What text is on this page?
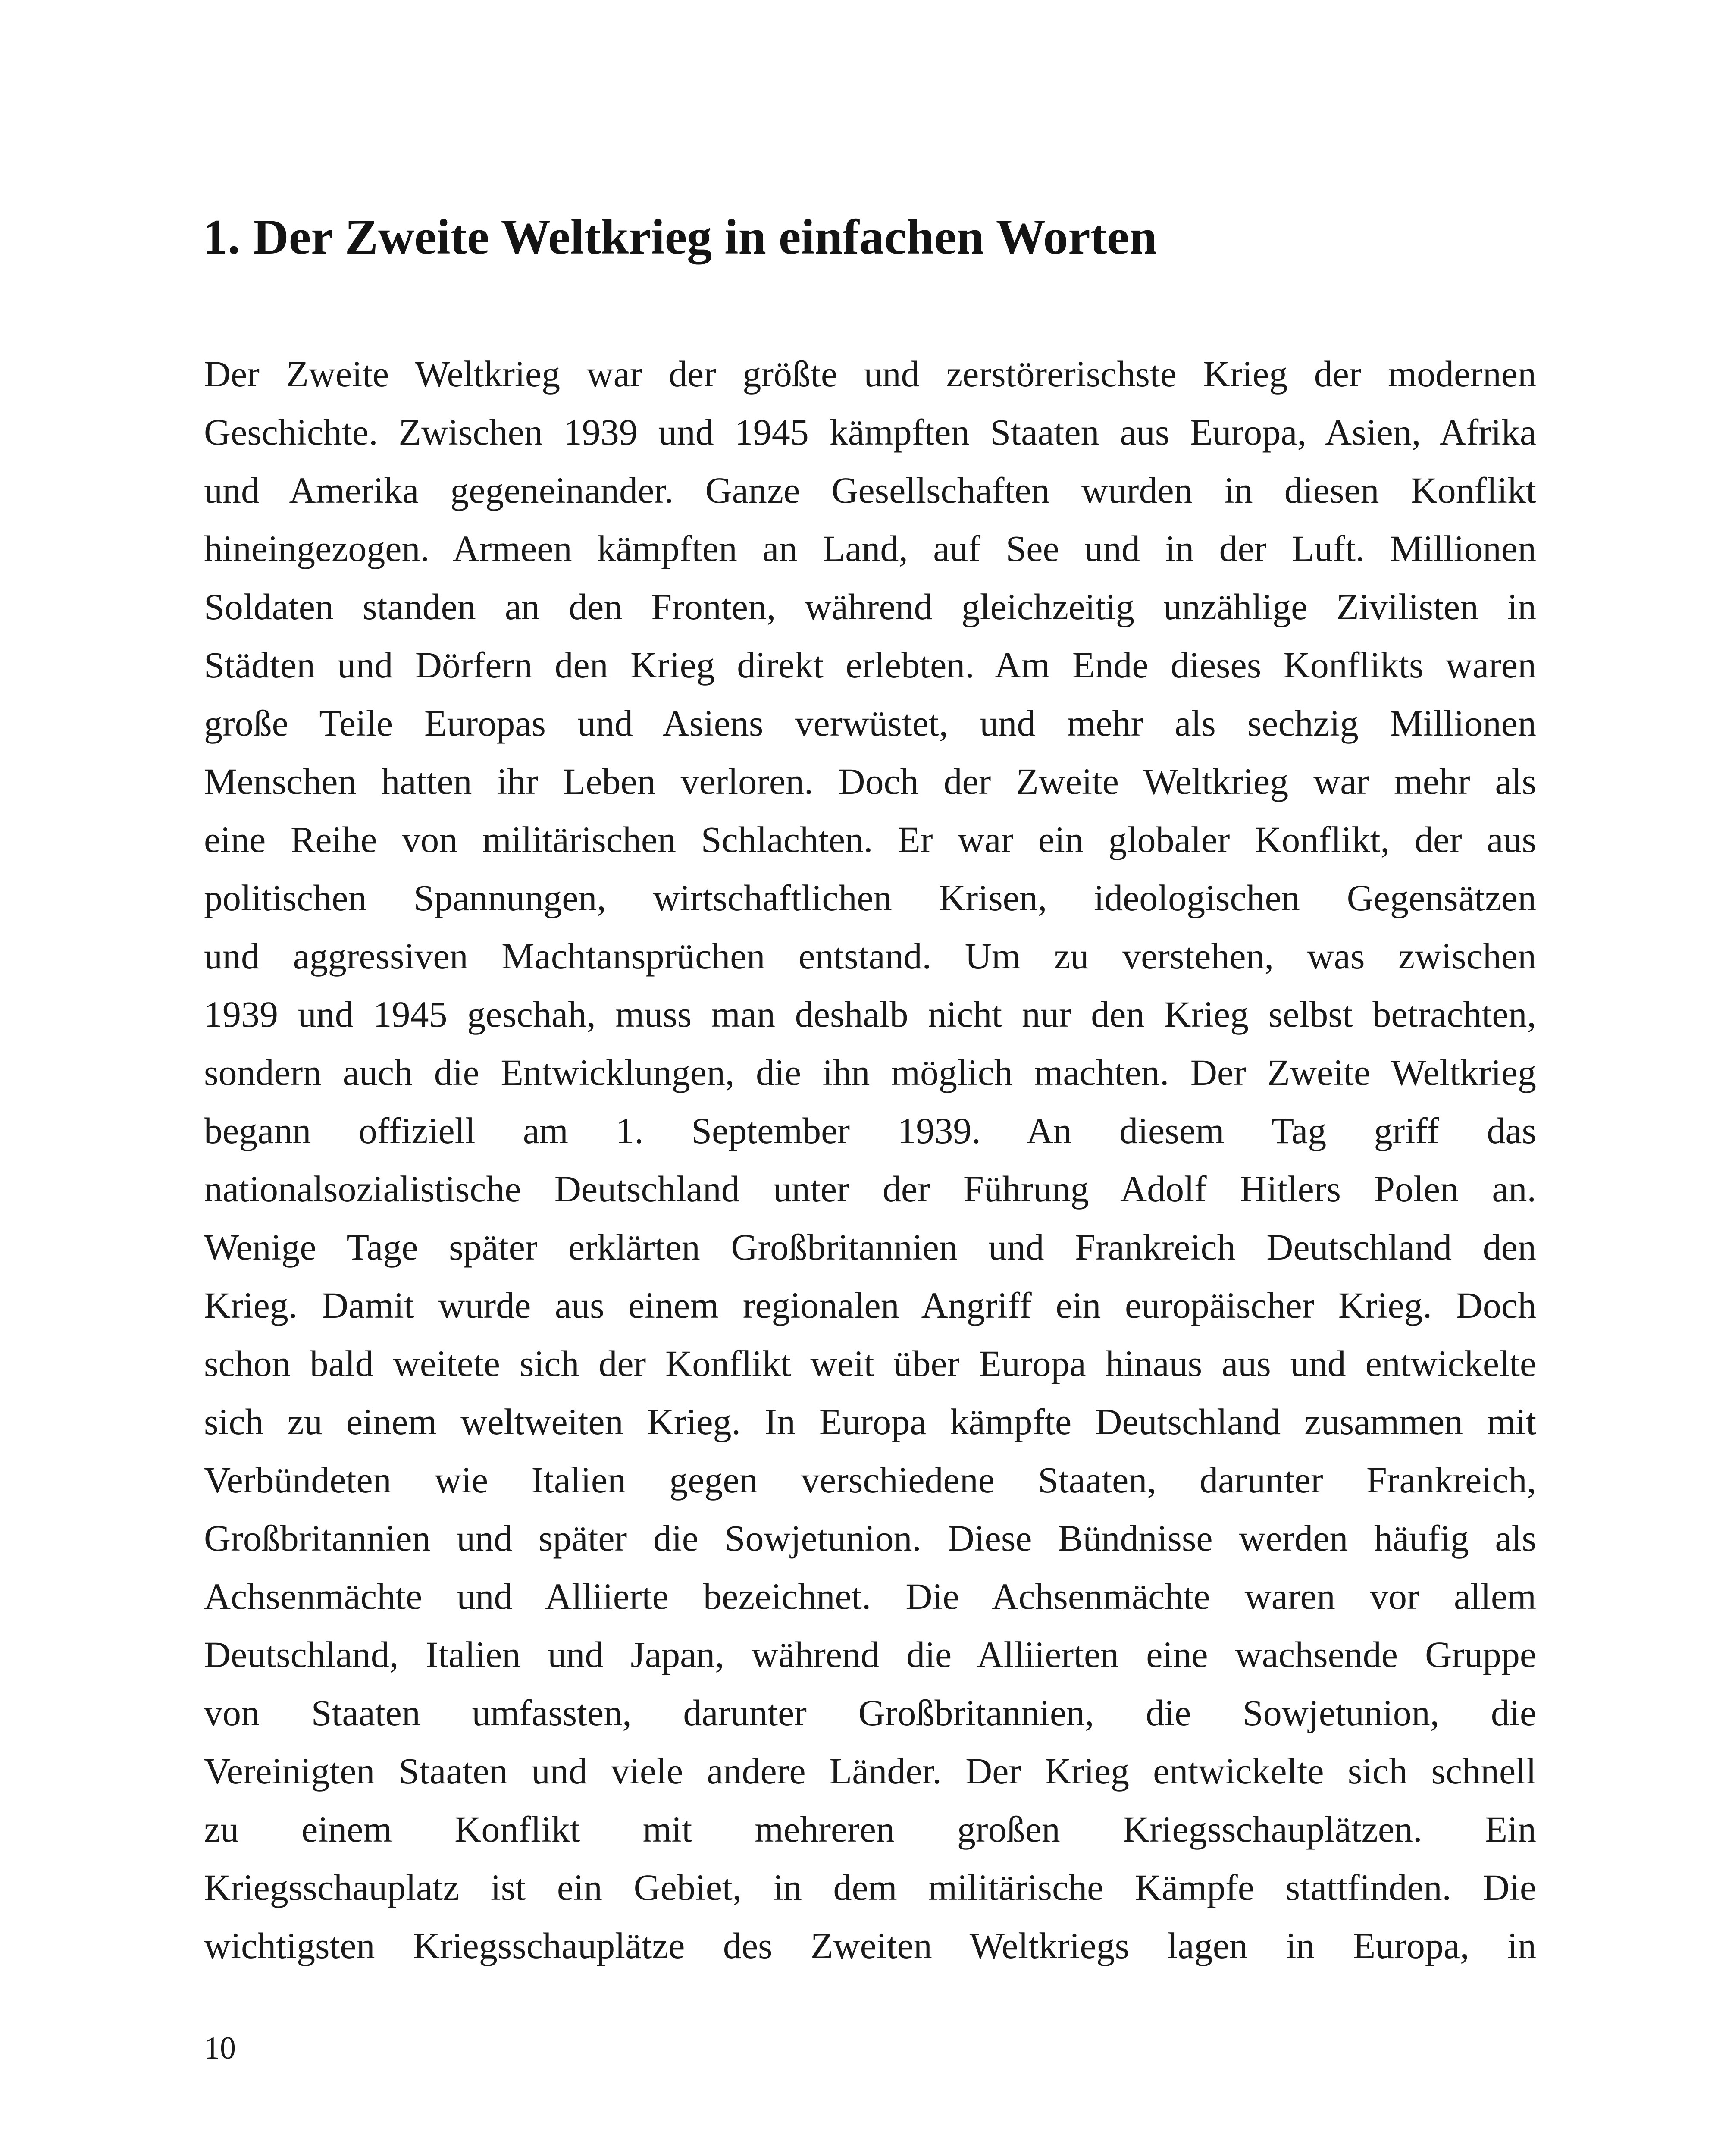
1. Der Zweite Weltkrieg in einfachen Worten
Der Zweite Weltkrieg war der größte und zerstörerischste Krieg der modernen
Geschichte. Zwischen 1939 und 1945 kämpften Staaten aus Europa, Asien, Afrika
und Amerika gegeneinander. Ganze Gesellschaften wurden in diesen Konflikt
hineingezogen. Armeen kämpften an Land, auf See und in der Luft. Millionen
Soldaten standen an den Fronten, während gleichzeitig unzählige Zivilisten in
Städten und Dörfern den Krieg direkt erlebten. Am Ende dieses Konflikts waren
große Teile Europas und Asiens verwüstet, und mehr als sechzig Millionen
Menschen hatten ihr Leben verloren. Doch der Zweite Weltkrieg war mehr als
eine Reihe von militärischen Schlachten. Er war ein globaler Konflikt, der aus
politischen Spannungen, wirtschaftlichen Krisen, ideologischen Gegensätzen
und aggressiven Machtansprüchen entstand. Um zu verstehen, was zwischen
1939 und 1945 geschah, muss man deshalb nicht nur den Krieg selbst betrachten,
sondern auch die Entwicklungen, die ihn möglich machten. Der Zweite Weltkrieg
begann offiziell am 1. September 1939. An diesem Tag griff das
nationalsozialistische Deutschland unter der Führung Adolf Hitlers Polen an.
Wenige Tage später erklärten Großbritannien und Frankreich Deutschland den
Krieg. Damit wurde aus einem regionalen Angriff ein europäischer Krieg. Doch
schon bald weitete sich der Konflikt weit über Europa hinaus aus und entwickelte
sich zu einem weltweiten Krieg. In Europa kämpfte Deutschland zusammen mit
Verbündeten wie Italien gegen verschiedene Staaten, darunter Frankreich,
Großbritannien und später die Sowjetunion. Diese Bündnisse werden häufig als
Achsenmächte und Alliierte bezeichnet. Die Achsenmächte waren vor allem
Deutschland, Italien und Japan, während die Alliierten eine wachsende Gruppe
von Staaten umfassten, darunter Großbritannien, die Sowjetunion, die
Vereinigten Staaten und viele andere Länder. Der Krieg entwickelte sich schnell
zu einem Konflikt mit mehreren großen Kriegsschauplätzen. Ein
Kriegsschauplatz ist ein Gebiet, in dem militärische Kämpfe stattfinden. Die
wichtigsten Kriegsschauplätze des Zweiten Weltkriegs lagen in Europa, in

10
